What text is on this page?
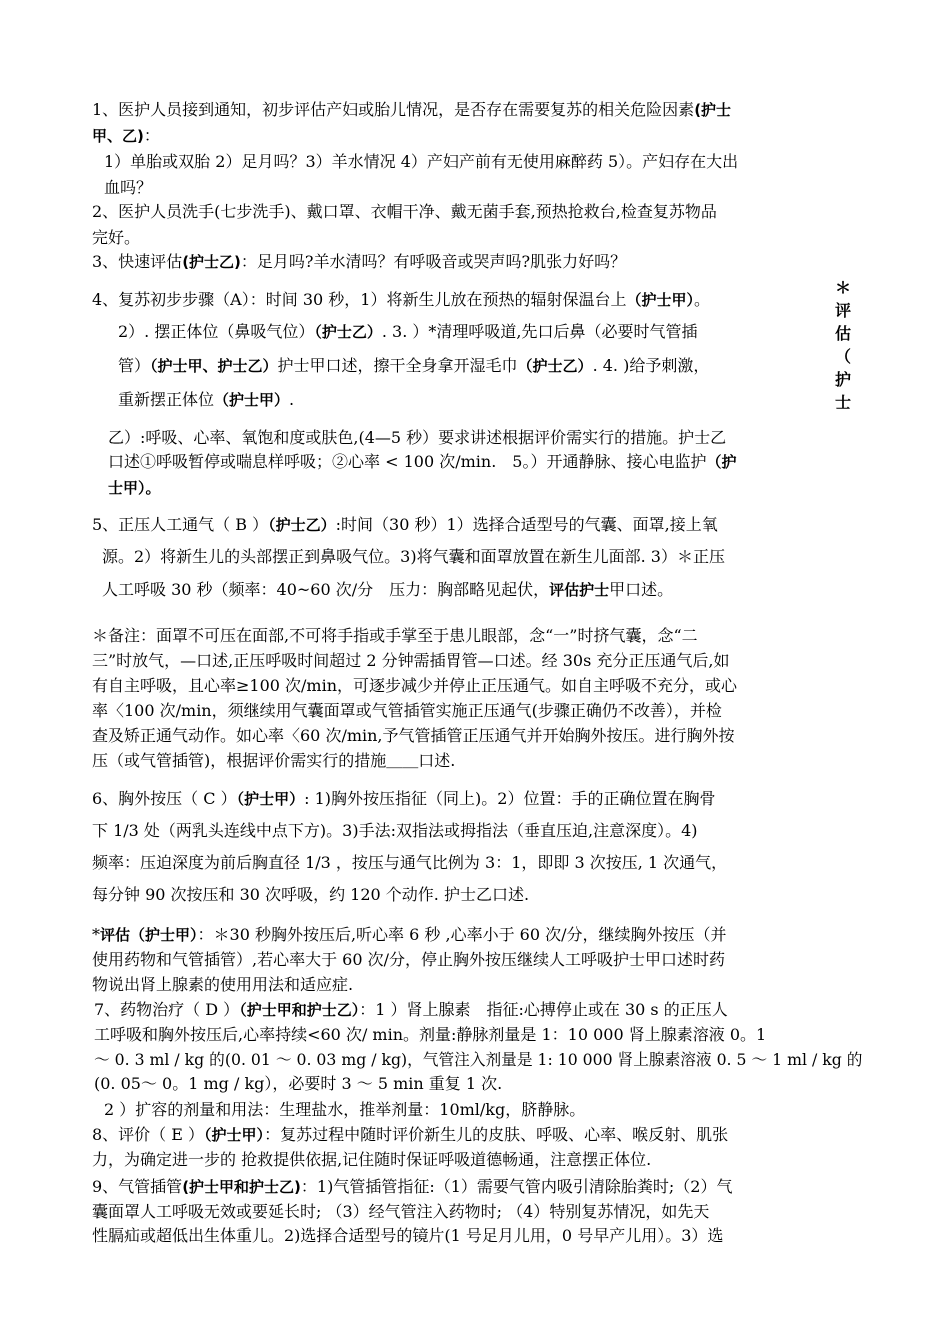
＊评
估
（
护
士
1、医护人员接到通知，初步评估产妇或胎儿情况，是否存在需要复苏的相关危险因素(护士
甲、乙)：
1）单胎或双胎 2）足月吗？3）羊水情况 4）产妇产前有无使用麻醉药 5）。产妇存在大出
血吗？
2、医护人员洗手(七步洗手)、戴口罩、衣帽干净、戴无菌手套,预热抢救台,检查复苏物品
完好。
3、快速评估(护士乙)：足月吗?羊水清吗？有呼吸音或哭声吗?肌张力好吗？
4、复苏初步步骤（A）：时间 30 秒，1）将新生儿放在预热的辐射保温台上（护士甲）。
2）. 摆正体位（鼻吸气位）（护士乙）. 3. ）*清理呼吸道,先口后鼻（必要时气管插
管）（护士甲、护士乙）护士甲口述，擦干全身拿开湿毛巾（护士乙）. 4. )给予刺激，
重新摆正体位（护士甲）.
乙）:呼吸、心率、氧饱和度或肤色,(4—5 秒）要求讲述根据评价需实行的措施。护士乙
口述①呼吸暂停或喘息样呼吸；②心率 < 100 次/min.　5。）开通静脉、接心电监护（护
士甲）。
5、正压人工通气（ B ）（护士乙）:时间（30 秒）1）选择合适型号的气囊、面罩,接上氧
源。2）将新生儿的头部摆正到鼻吸气位。3)将气囊和面罩放置在新生儿面部. 3）＊正压
人工呼吸 30 秒（频率：40~60 次/分　压力：胸部略见起伏，评估护士甲口述。
＊备注：面罩不可压在面部,不可将手指或手掌至于患儿眼部，念“一”时挤气囊，念“二
三”时放气，—口述,正压呼吸时间超过 2 分钟需插胃管—口述。经 30s 充分正压通气后,如
有自主呼吸，且心率≥100 次/min，可逐步减少并停止正压通气。如自主呼吸不充分，或心
率〈100 次/min，须继续用气囊面罩或气管插管实施正压通气(步骤正确仍不改善），并检
查及矫正通气动作。如心率〈60 次/min,予气管插管正压通气并开始胸外按压。进行胸外按
压（或气管插管)，根据评价需实行的措施＿＿口述.
6、胸外按压（ C ）（护士甲）: 1)胸外按压指征（同上)。2）位置：手的正确位置在胸骨
下 1/3 处（两乳头连线中点下方)。3)手法:双指法或拇指法（垂直压迫,注意深度）。4)
频率：压迫深度为前后胸直径 1/3 ，按压与通气比例为 3：1，即即 3 次按压, 1 次通气，
每分钟 90 次按压和 30 次呼吸，约 120 个动作. 护士乙口述.
*评估（护士甲）：＊30 秒胸外按压后,听心率 6 秒 ,心率小于 60 次/分，继续胸外按压（并
使用药物和气管插管）,若心率大于 60 次/分，停止胸外按压继续人工呼吸护士甲口述时药
物说出肾上腺素的使用用法和适应症.
7、药物治疗（ D ）（护士甲和护士乙）：1 ）肾上腺素　指征:心搏停止或在 30 s 的正压人
工呼吸和胸外按压后,心率持续<60 次/ min。剂量:静脉剂量是 1：10 000 肾上腺素溶液 0。1
～ 0. 3 ml / kg 的(0. 01 ～ 0. 03 mg / kg)，气管注入剂量是 1: 10 000 肾上腺素溶液 0. 5 ～ 1 ml / kg 的
(0. 05～ 0。1 mg / kg），必要时 3 ～ 5 min 重复 1 次.
2 ）扩容的剂量和用法：生理盐水，推举剂量：10ml/kg，脐静脉。
8、评价（ E ）（护士甲）：复苏过程中随时评价新生儿的皮肤、呼吸、心率、喉反射、肌张
力，为确定进一步的 抢救提供依据,记住随时保证呼吸道德畅通，注意摆正体位.
9、气管插管(护士甲和护士乙)：1)气管插管指征:（1）需要气管内吸引清除胎粪时;（2）气
囊面罩人工呼吸无效或要延长时; （3）经气管注入药物时; （4）特别复苏情况，如先天
性膈疝或超低出生体重儿。2)选择合适型号的镜片(1 号足月儿用，0 号早产儿用）。3）选
